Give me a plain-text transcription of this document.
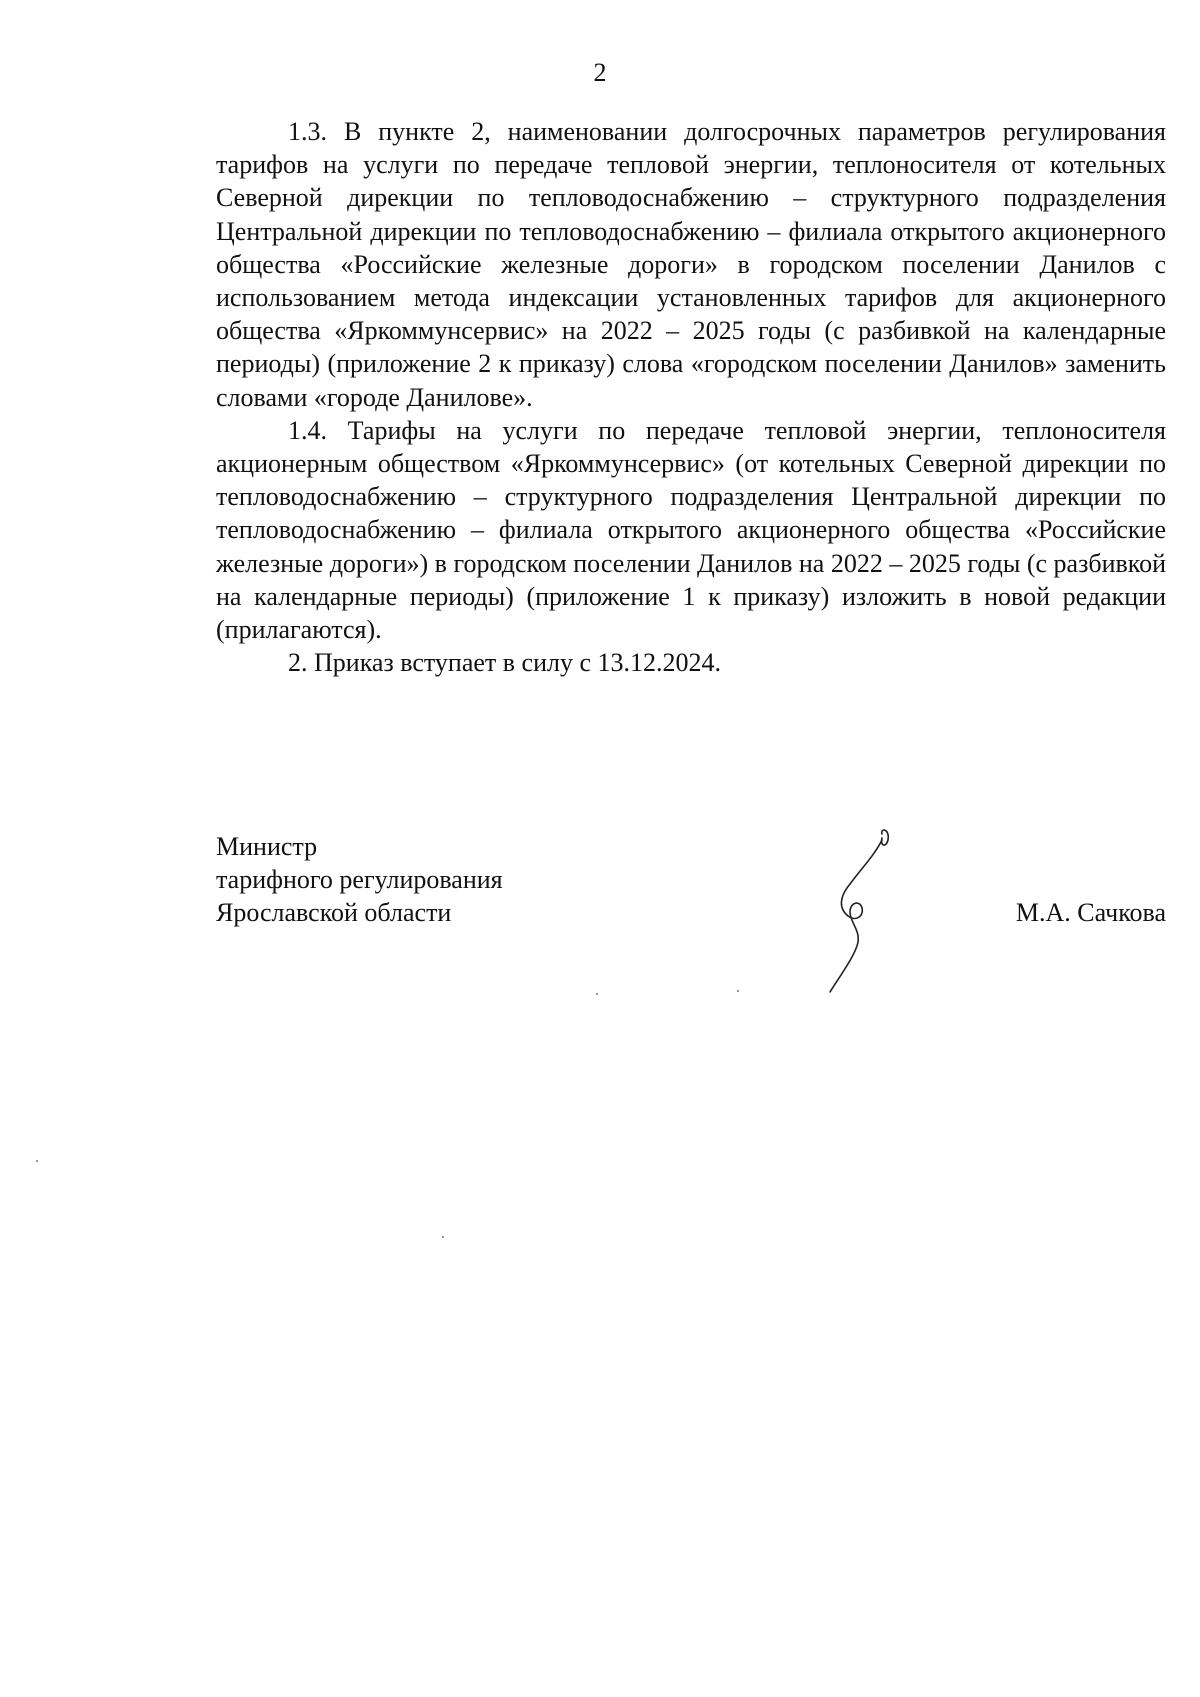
2

1.3. В пункте 2, наименовании долгосрочных параметров регулирования тарифов на услуги по передаче тепловой энергии, теплоносителя от котельных Северной дирекции по тепловодоснабжению – структурного подразделения Центральной дирекции по тепловодоснабжению – филиала открытого акционерного общества «Российские железные дороги» в городском поселении Данилов с использованием метода индексации установленных тарифов для акционерного общества «Яркоммунсервис» на 2022 – 2025 годы (с разбивкой на календарные периоды) (приложение 2 к приказу) слова «городском поселении Данилов» заменить словами «городе Данилове».

1.4. Тарифы на услуги по передаче тепловой энергии, теплоносителя акционерным обществом «Яркоммунсервис» (от котельных Северной дирекции по тепловодоснабжению – структурного подразделения Центральной дирекции по тепловодоснабжению – филиала открытого акционерного общества «Российские железные дороги») в городском поселении Данилов на 2022 – 2025 годы (с разбивкой на календарные периоды) (приложение 1 к приказу) изложить в новой редакции (прилагаются).

2. Приказ вступает в силу с 13.12.2024.

Министр
тарифного регулирования
Ярославской области	М.А. Сачкова
